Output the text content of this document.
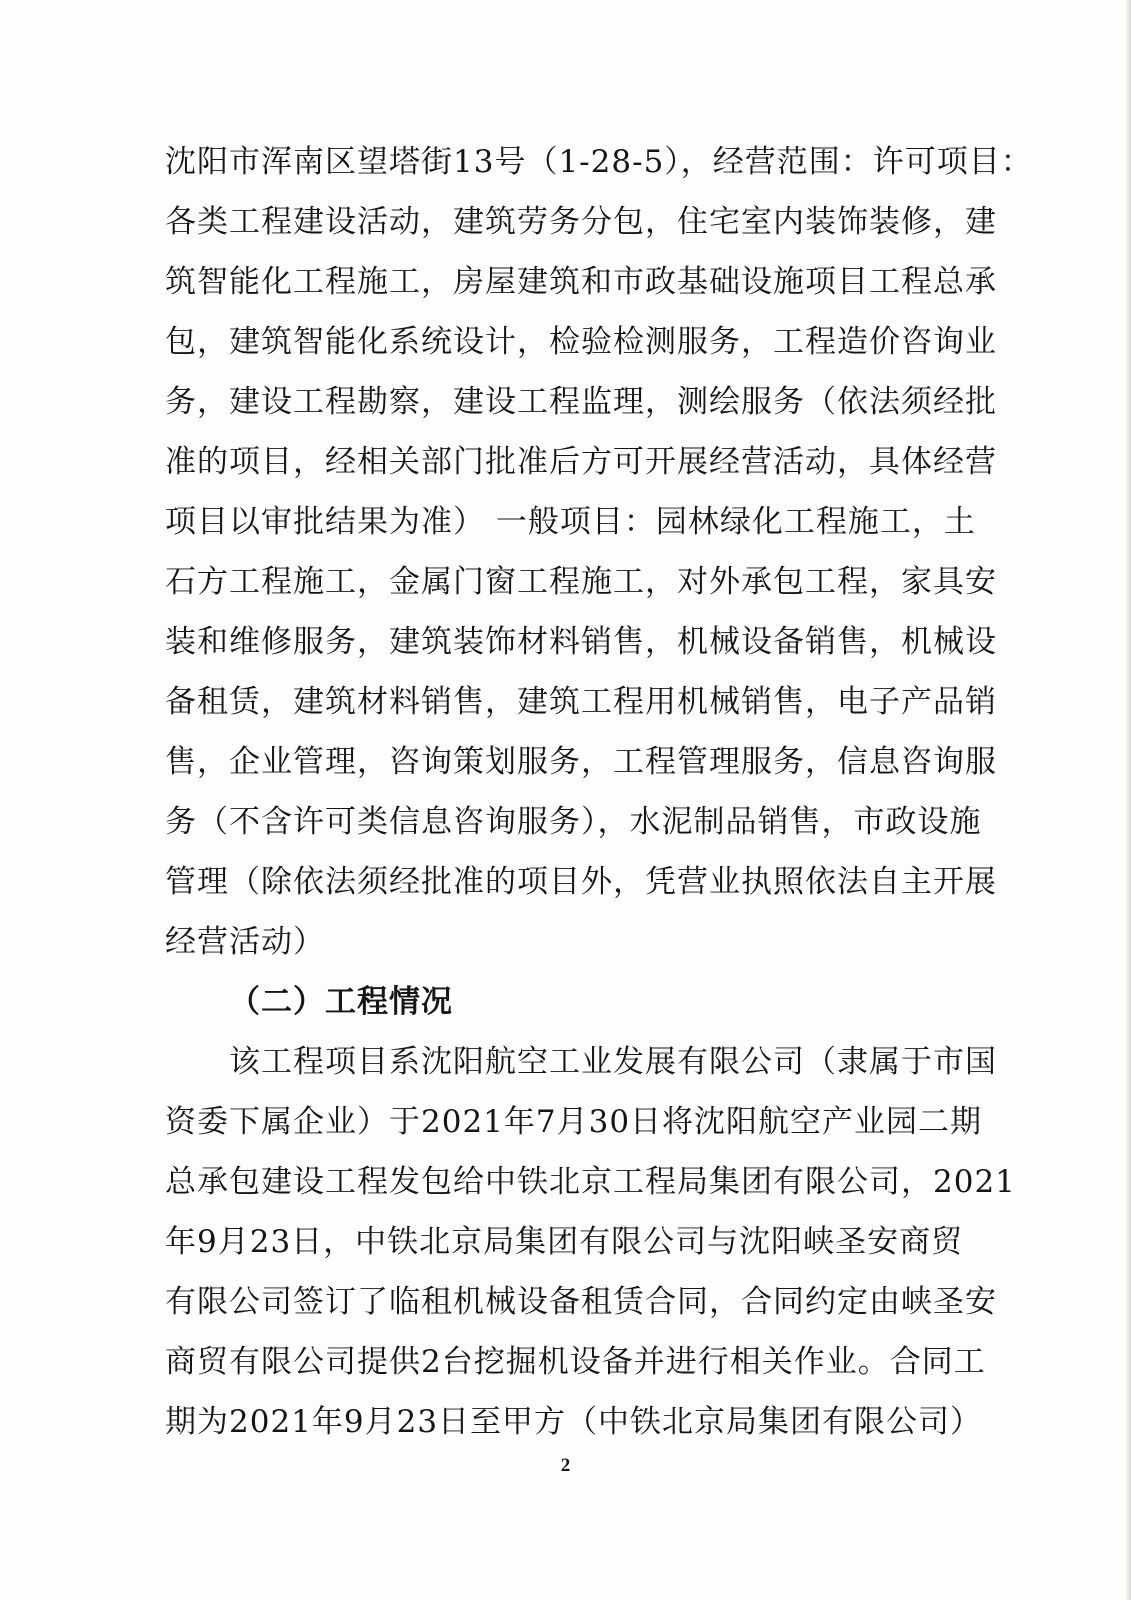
沈阳市浑南区望塔街13号（1-28-5），经营范围：许可项目：
各类工程建设活动，建筑劳务分包，住宅室内装饰装修，建
筑智能化工程施工，房屋建筑和市政基础设施项目工程总承
包，建筑智能化系统设计，检验检测服务，工程造价咨询业
务，建设工程勘察，建设工程监理，测绘服务（依法须经批
准的项目，经相关部门批准后方可开展经营活动，具体经营
项目以审批结果为准） 一般项目：园林绿化工程施工，土
石方工程施工，金属门窗工程施工，对外承包工程，家具安
装和维修服务，建筑装饰材料销售，机械设备销售，机械设
备租赁，建筑材料销售，建筑工程用机械销售，电子产品销
售，企业管理，咨询策划服务，工程管理服务，信息咨询服
务（不含许可类信息咨询服务），水泥制品销售，市政设施
管理（除依法须经批准的项目外，凭营业执照依法自主开展
经营活动）
（二）工程情况
该工程项目系沈阳航空工业发展有限公司（隶属于市国
资委下属企业）于2021年7月30日将沈阳航空产业园二期
总承包建设工程发包给中铁北京工程局集团有限公司，2021
年9月23日，中铁北京局集团有限公司与沈阳峡圣安商贸
有限公司签订了临租机械设备租赁合同，合同约定由峡圣安
商贸有限公司提供2台挖掘机设备并进行相关作业。合同工
期为2021年9月23日至甲方（中铁北京局集团有限公司）
2
